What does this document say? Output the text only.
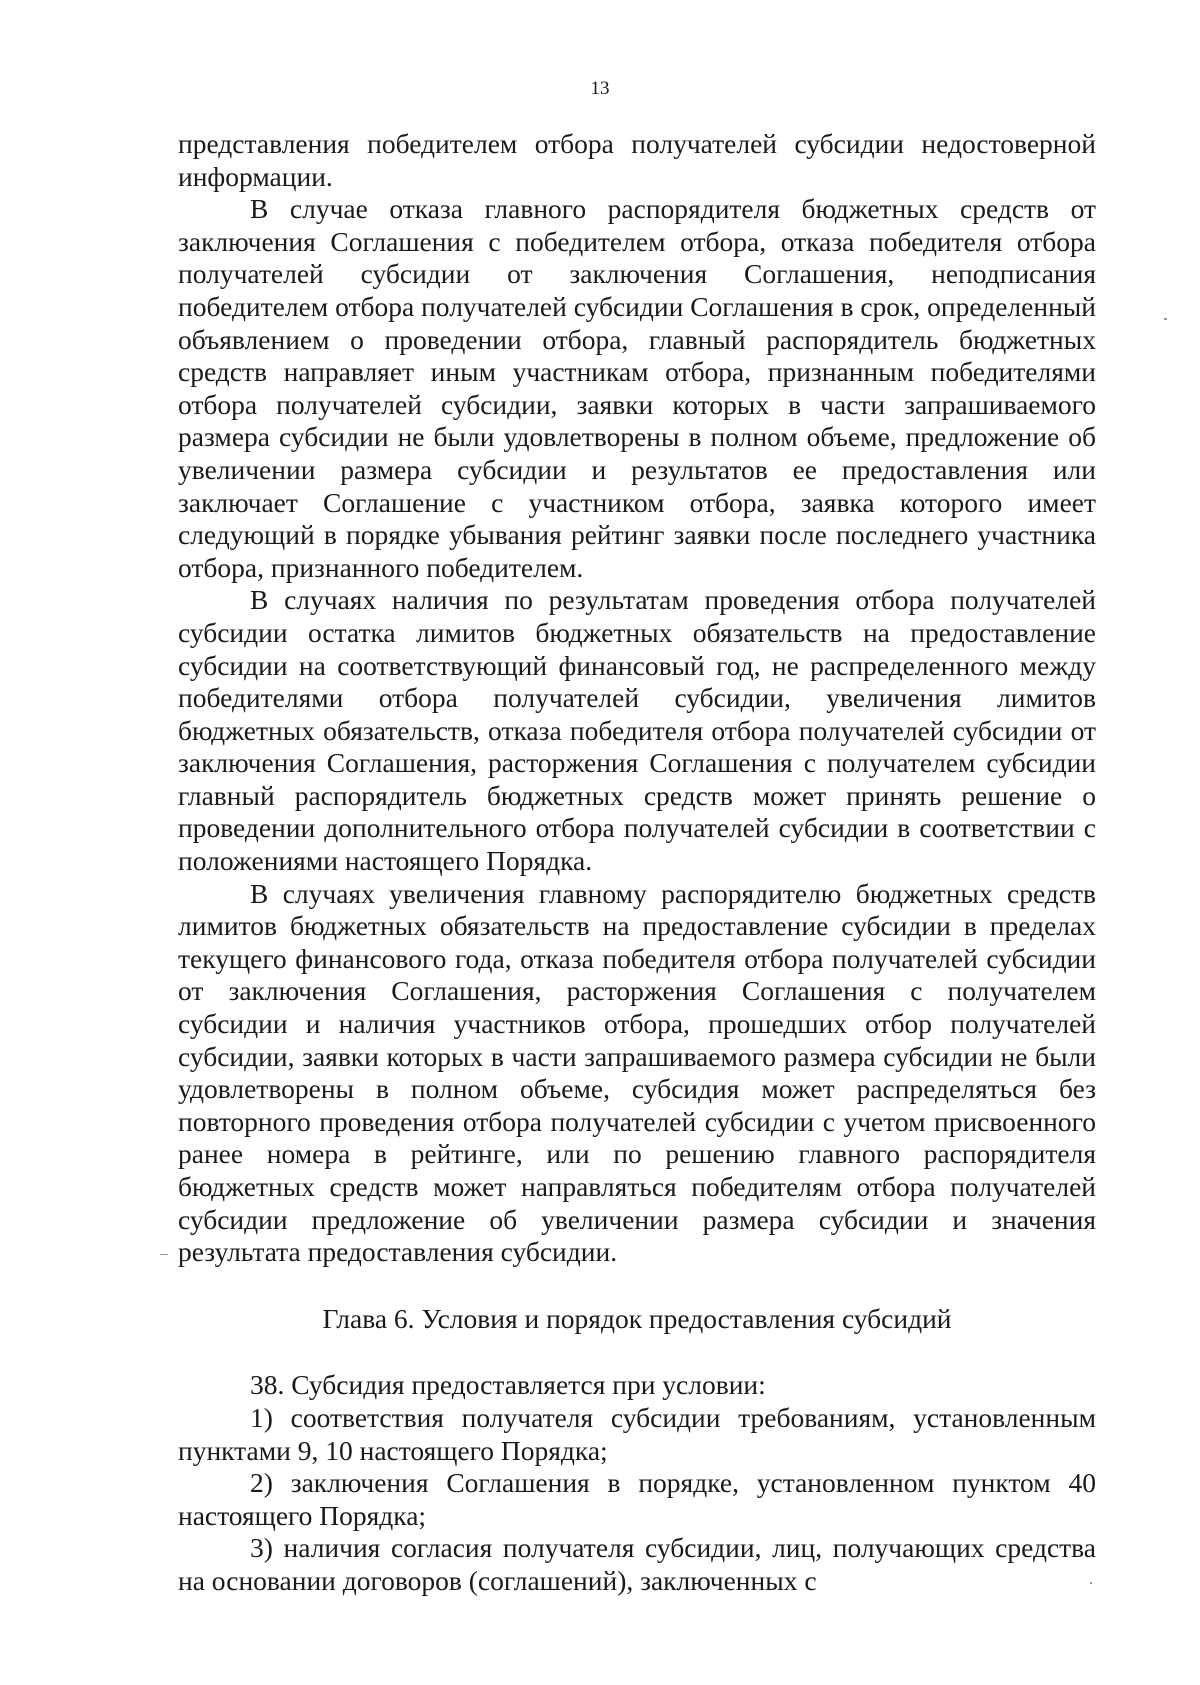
13

представления победителем отбора получателей субсидии недостоверной информации.

В случае отказа главного распорядителя бюджетных средств от заключения Соглашения с победителем отбора, отказа победителя отбора получателей субсидии от заключения Соглашения, неподписания победителем отбора получателей субсидии Соглашения в срок, определенный объявлением о проведении отбора, главный распорядитель бюджетных средств направляет иным участникам отбора, признанным победителями отбора получателей субсидии, заявки которых в части запрашиваемого размера субсидии не были удовлетворены в полном объеме, предложение об увеличении размера субсидии и результатов ее предоставления или заключает Соглашение с участником отбора, заявка которого имеет следующий в порядке убывания рейтинг заявки после последнего участника отбора, признанного победителем.

В случаях наличия по результатам проведения отбора получателей субсидии остатка лимитов бюджетных обязательств на предоставление субсидии на соответствующий финансовый год, не распределенного между победителями отбора получателей субсидии, увеличения лимитов бюджетных обязательств, отказа победителя отбора получателей субсидии от заключения Соглашения, расторжения Соглашения с получателем субсидии главный распорядитель бюджетных средств может принять решение о проведении дополнительного отбора получателей субсидии в соответствии с положениями настоящего Порядка.

В случаях увеличения главному распорядителю бюджетных средств лимитов бюджетных обязательств на предоставление субсидии в пределах текущего финансового года, отказа победителя отбора получателей субсидии от заключения Соглашения, расторжения Соглашения с получателем субсидии и наличия участников отбора, прошедших отбор получателей субсидии, заявки которых в части запрашиваемого размера субсидии не были удовлетворены в полном объеме, субсидия может распределяться без повторного проведения отбора получателей субсидии с учетом присвоенного ранее номера в рейтинге, или по решению главного распорядителя бюджетных средств может направляться победителям отбора получателей субсидии предложение об увеличении размера субсидии и значения результата предоставления субсидии.

Глава 6. Условия и порядок предоставления субсидий

38. Субсидия предоставляется при условии:

1) соответствия получателя субсидии требованиям, установленным пунктами 9, 10 настоящего Порядка;

2) заключения Соглашения в порядке, установленном пунктом 40 настоящего Порядка;

3) наличия согласия получателя субсидии, лиц, получающих средства на основании договоров (соглашений), заключенных с
